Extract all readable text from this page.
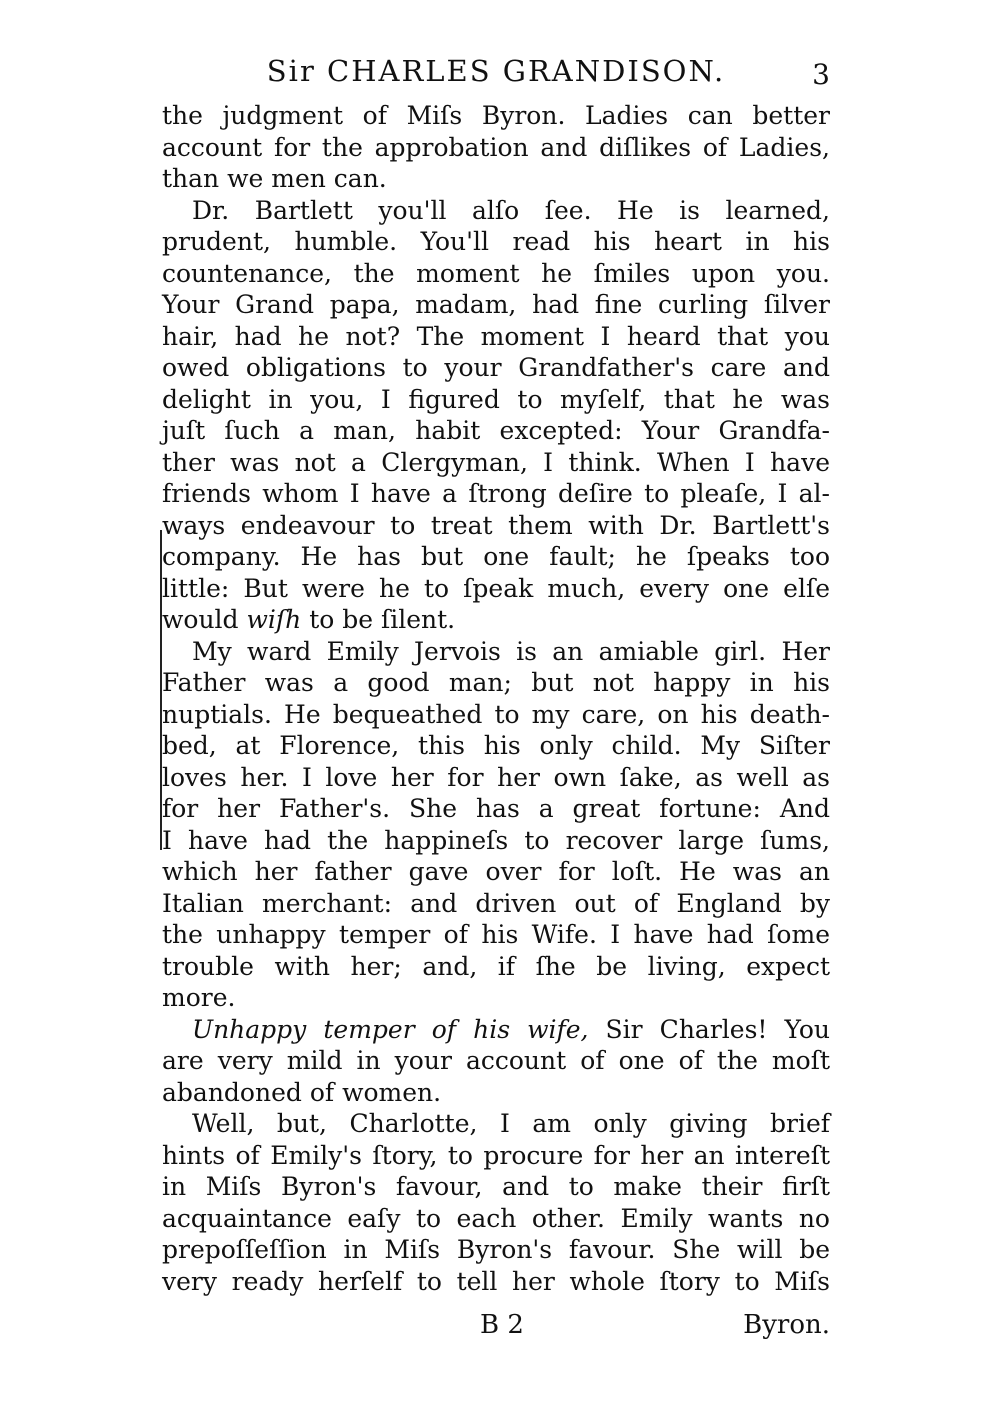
Sir CHARLES GRANDISON.	3
the judgment of Miſs Byron. Ladies can better
account for the approbation and diſlikes of Ladies,
than we men can.
Dr. Bartlett you'll alſo ſee. He is learned,
prudent, humble. You'll read his heart in his
countenance, the moment he ſmiles upon you.
Your Grand papa, madam, had fine curling ſilver
hair, had he not? The moment I heard that you
owed obligations to your Grandfather's care and
delight in you, I figured to myſelf, that he was
juſt ſuch a man, habit excepted: Your Grandfa-
ther was not a Clergyman, I think. When I have
friends whom I have a ſtrong deſire to pleaſe, I al-
ways endeavour to treat them with Dr. Bartlett's
company. He has but one fault; he ſpeaks too
little: But were he to ſpeak much, every one elſe
would wiſh to be ſilent.
My ward Emily Jervois is an amiable girl. Her
Father was a good man; but not happy in his
nuptials. He bequeathed to my care, on his death-
bed, at Florence, this his only child. My Siſter
loves her. I love her for her own ſake, as well as
for her Father's. She has a great fortune: And
I have had the happineſs to recover large ſums,
which her father gave over for loſt. He was an
Italian merchant: and driven out of England by
the unhappy temper of his Wife. I have had ſome
trouble with her; and, if ſhe be living, expect
more.
Unhappy temper of his wife, Sir Charles! You
are very mild in your account of one of the moſt
abandoned of women.
Well, but, Charlotte, I am only giving brief
hints of Emily's ſtory, to procure for her an intereſt
in Miſs Byron's favour, and to make their firſt
acquaintance eaſy to each other. Emily wants no
prepoſſeſſion in Miſs Byron's favour. She will be
very ready herſelf to tell her whole ſtory to Miſs
B 2	Byron.
